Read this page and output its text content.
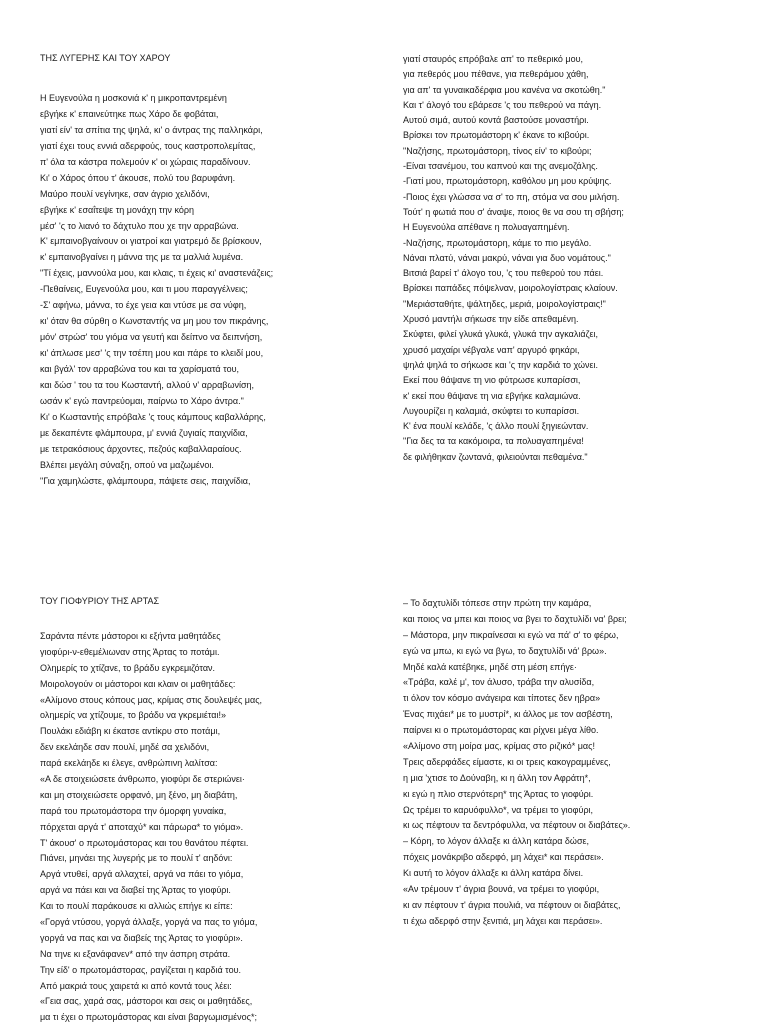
ΤΗΣ ΛΥΓΕΡΗΣ ΚΑΙ ΤΟΥ ΧΑΡΟΥ
Η Ευγενούλα η μοσκονιά κ' η μικροπαντρεμένη
εβγήκε κ' επαινεύτηκε πως Χάρο δε φοβάται,
γιατί είν' τα σπίτια της ψηλά, κι' ο άντρας της παλληκάρι,
γιατί έχει τους εννιά αδερφούς, τους καστροπολεμίτας,
π' όλα τα κάστρα πολεμούν κ' οι χώραις παραδίνουν.
Κι' ο Χάρος όπου τ' άκουσε, πολύ του βαρυφάνη.
Μαύρο πουλί νεγίνηκε, σαν άγριο χελιδόνι,
εβγήκε κ' εσαΐτεψε τη μονάχη την κόρη
μέσ' 'ς το λιανό το δάχτυλο που χε την αρραβώνα.
Κ' εμπαινοβγαίνουν οι γιατροί και γιατρεμό δε βρίσκουν,
κ' εμπαινοβγαίνει η μάννα της με τα μαλλιά λυμένα.
"Τί έχεις, μαννούλα μου, και κλαις, τι έχεις κι' αναστενάζεις;
-Πεθαίνεις, Ευγενούλα μου, και τι μου παραγγέλνεις;
-Σ' αφήνω, μάννα, το έχε γεια και ντύσε με σα νύφη,
κι' όταν θα σύρθη ο Κωνσταντής να μη μου τον πικράνης,
μόν' στρώσ' του γιόμα να γευτή και δείπνο να δειπνήση,
κι' άπλωσε μεσ' 'ς την τσέπη μου και πάρε το κλειδί μου,
και βγάλ' τον αρραβώνα του και τα χαρίσματά του,
και δώσ ' του τα του Κωσταντή, αλλού ν' αρραβωνίση,
ωσάν κ' εγώ παντρεύομαι, παίρνω το Χάρο άντρα."
Κι' ο Κωσταντής επρόβαλε 'ς τους κάμπους καβαλλάρης,
με δεκαπέντε φλάμπουρα, μ' εννιά ζυγιαίς παιχνίδια,
με τετρακόσιους άρχοντες, πεζούς καβαλλαραίους.
Βλέπει μεγάλη σύναξη, οπού να μαζωμένοι.
"Για χαμηλώστε, φλάμπουρα, πάψετε σεις, παιχνίδια,
γιατί σταυρός επρόβαλε απ' το πεθερικό μου,
για πεθερός μου πέθανε, για πεθεράμου χάθη,
για απ' τα γυναικαδέρφια μου κανένα να σκοτώθη."
Και τ' άλογό του εβάρεσε 'ς του πεθερού να πάγη.
Αυτού σιμά, αυτού κοντά βαστούσε μοναστήρι.
Βρίσκει τον πρωτομάστορη κ' έκανε το κιβούρι.
"Ναζήσης, πρωτομάστορη, τίνος είν' το κιβούρι;
-Είναι τσανέμου, του καπνού και της ανεμοζάλης.
-Γιατί μου, πρωτομάστορη, καθόλου μη μου κρύψης.
-Ποιος έχει γλώσσα να σ' το πη, στόμα να σου μιλήση.
Τούτ' η φωτιά που σ' άναψε, ποιος θε να σου τη σβήση;
Η Ευγενούλα απέθανε η πολυαγαπημένη.
-Ναζήσης, πρωτομάστορη, κάμε το πιο μεγάλο.
Νάναι πλατύ, νάναι μακρύ, νάναι για δυο νομάτους."
Βιτσιά βαρεί τ' άλογο του, 'ς του πεθερού του πάει.
Βρίσκει παπάδες πόψελναν, μοιρολογίστραις κλαίουν.
"Μεριάσταθήτε, ψάλτηδες, μεριά, μοιρολογίστραις!"
Χρυσό μαντήλι σήκωσε την είδε απεθαμένη.
Σκύφτει, φιλεί γλυκά γλυκά, γλυκά την αγκαλιάζει,
χρυσό μαχαίρι νέβγαλε ναπ' αργυρό φηκάρι,
ψηλά ψηλά το σήκωσε και 'ς την καρδιά το χώνει.
Εκεί που θάψανε τη νιο φύτρωσε κυπαρίσσι,
κ' εκεί που θάψανε τη νια εβγήκε καλαμιώνα.
Λυγουρίζει η καλαμιά, σκύφτει το κυπαρίσσι.
Κ' ένα πουλί κελάδε, 'ς άλλο πουλί ξηγιεώνταν.
"Για δες τα τα κακόμοιρα, τα πολυαγαπημένα!
δε φιλήθηκαν ζωντανά, φιλειούνται πεθαμένα."
ΤΟΥ ΓΙΟΦΥΡΙΟΥ ΤΗΣ ΑΡΤΑΣ
Σαράντα πέντε μάστοροι κι εξήντα μαθητάδες
γιοφύρι-ν-εθεμέλιωναν στης Άρτας το ποτάμι.
Ολημερίς το χτίζανε, το βράδυ εγκρεμιζόταν.
Μοιρολογούν οι μάστοροι και κλαιν οι μαθητάδες:
«Αλίμονο στους κόπους μας, κρίμας στις δουλεψές μας,
ολημερίς να χτίζουμε, το βράδυ να γκρεμιέται!»
Πουλάκι εδιάβη κι έκατσε αντίκρυ στο ποτάμι,
δεν εκελάηδε σαν πουλί, μηδέ σα χελιδόνι,
παρά εκελάηδε κι έλεγε, ανθρώπινη λαλίτσα:
«Α δε στοιχειώσετε άνθρωπο, γιοφύρι δε στεριώνει·
και μη στοιχειώσετε ορφανό, μη ξένο, μη διαβάτη,
παρά του πρωτομάστορα την όμορφη γυναίκα,
πόρχεται αργά τ' αποταχύ* και πάρωρα* το γιόμα».
Τ' άκουσ' ο πρωτομάστορας και του θανάτου πέφτει.
Πιάνει, μηνάει της λυγερής με το πουλί τ' αηδόνι:
Αργά ντυθεί, αργά αλλαχτεί, αργά να πάει το γιόμα,
αργά να πάει και να διαβεί της Άρτας το γιοφύρι.
Και το πουλί παράκουσε κι αλλιώς επήγε κι είπε:
«Γοργά ντύσου, γοργά άλλαξε, γοργά να πας το γιόμα,
γοργά να πας και να διαβείς της Άρτας το γιοφύρι».
Να τηνε κι εξανάφανεν* από την άσπρη στράτα.
Την είδ' ο πρωτομάστορας, ραγίζεται η καρδιά του.
Από μακριά τους χαιρετά κι από κοντά τους λέει:
«Γεια σας, χαρά σας, μάστοροι και σεις οι μαθητάδες,
μα τι έχει ο πρωτομάστορας και είναι βαργωμισμένος*;
– Το δαχτυλίδι τόπεσε στην πρώτη την καμάρα,
και ποιος να μπει και ποιος να βγει το δαχτυλίδι να' βρει;
– Μάστορα, μην πικραίνεσαι κι εγώ να πά' σ' το φέρω,
εγώ να μπω, κι εγώ να βγω, το δαχτυλίδι νά' βρω».
Μηδέ καλά κατέβηκε, μηδέ στη μέση επήγε·
«Τράβα, καλέ μ', τον άλυσο, τράβα την αλυσίδα,
τι όλον τον κόσμο ανάγειρα και τίποτες δεν ηβρα»
Ένας πιχάει* με το μυστρί*, κι άλλος με τον ασβέστη,
παίρνει κι ο πρωτομάστορας και ρίχνει μέγα λίθο.
«Αλίμονο στη μοίρα μας, κρίμας στο ριζικό* μας!
Τρεις αδερφάδες είμαστε, κι οι τρεις κακογραμμένες,
η μια 'χτισε το Δούναβη, κι η άλλη τον Αφράτη*,
κι εγώ η πλιο στερνότερη* της Άρτας το γιοφύρι.
Ως τρέμει το καρυόφυλλο*, να τρέμει το γιοφύρι,
κι ως πέφτουν τα δεντρόφυλλα, να πέφτουν οι διαβάτες».
– Κόρη, το λόγον άλλαξε κι άλλη κατάρα δώσε,
πόχεις μονάκριβο αδερφό, μη λάχει* και περάσει».
Κι αυτή το λόγον άλλαξε κι άλλη κατάρα δίνει.
«Αν τρέμουν τ' άγρια βουνά, να τρέμει το γιοφύρι,
κι αν πέφτουν τ' άγρια πουλιά, να πέφτουν οι διαβάτες,
τι έχω αδερφό στην ξενιτιά, μη λάχει και περάσει».
